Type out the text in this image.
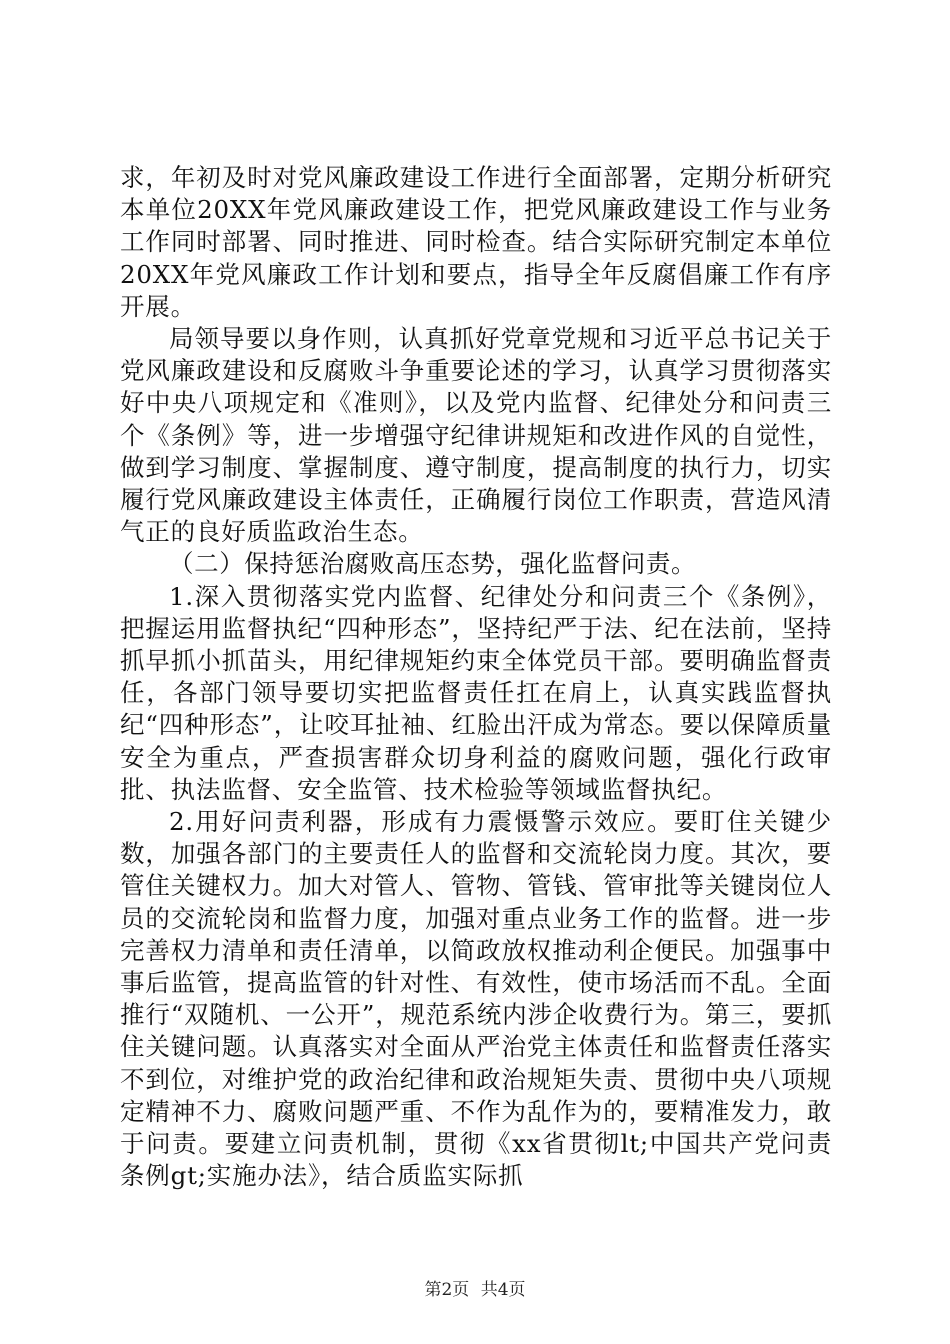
求，年初及时对党风廉政建设工作进行全面部署，定期分析研究本单位20XX年党风廉政建设工作，把党风廉政建设工作与业务工作同时部署、同时推进、同时检查。结合实际研究制定本单位20XX年党风廉政工作计划和要点，指导全年反腐倡廉工作有序开展。

局领导要以身作则，认真抓好党章党规和习近平总书记关于党风廉政建设和反腐败斗争重要论述的学习，认真学习贯彻落实好中央八项规定和《准则》，以及党内监督、纪律处分和问责三个《条例》等，进一步增强守纪律讲规矩和改进作风的自觉性，做到学习制度、掌握制度、遵守制度，提高制度的执行力，切实履行党风廉政建设主体责任，正确履行岗位工作职责，营造风清气正的良好质监政治生态。

（二）保持惩治腐败高压态势，强化监督问责。

1.深入贯彻落实党内监督、纪律处分和问责三个《条例》，把握运用监督执纪“四种形态”，坚持纪严于法、纪在法前，坚持抓早抓小抓苗头，用纪律规矩约束全体党员干部。要明确监督责任，各部门领导要切实把监督责任扛在肩上，认真实践监督执纪“四种形态”，让咬耳扯袖、红脸出汗成为常态。要以保障质量安全为重点，严查损害群众切身利益的腐败问题，强化行政审批、执法监督、安全监管、技术检验等领域监督执纪。

2.用好问责利器，形成有力震慑警示效应。要盯住关键少数，加强各部门的主要责任人的监督和交流轮岗力度。其次，要管住关键权力。加大对管人、管物、管钱、管审批等关键岗位人员的交流轮岗和监督力度，加强对重点业务工作的监督。进一步完善权力清单和责任清单，以简政放权推动利企便民。加强事中事后监管，提高监管的针对性、有效性，使市场活而不乱。全面推行“双随机、一公开”，规范系统内涉企收费行为。第三，要抓住关键问题。认真落实对全面从严治党主体责任和监督责任落实不到位，对维护党的政治纪律和政治规矩失责、贯彻中央八项规定精神不力、腐败问题严重、不作为乱作为的，要精准发力，敢于问责。要建立问责机制，贯彻《xx省贯彻lt;中国共产党问责条例gt;实施办法》，结合质监实际抓

第2页 共4页
